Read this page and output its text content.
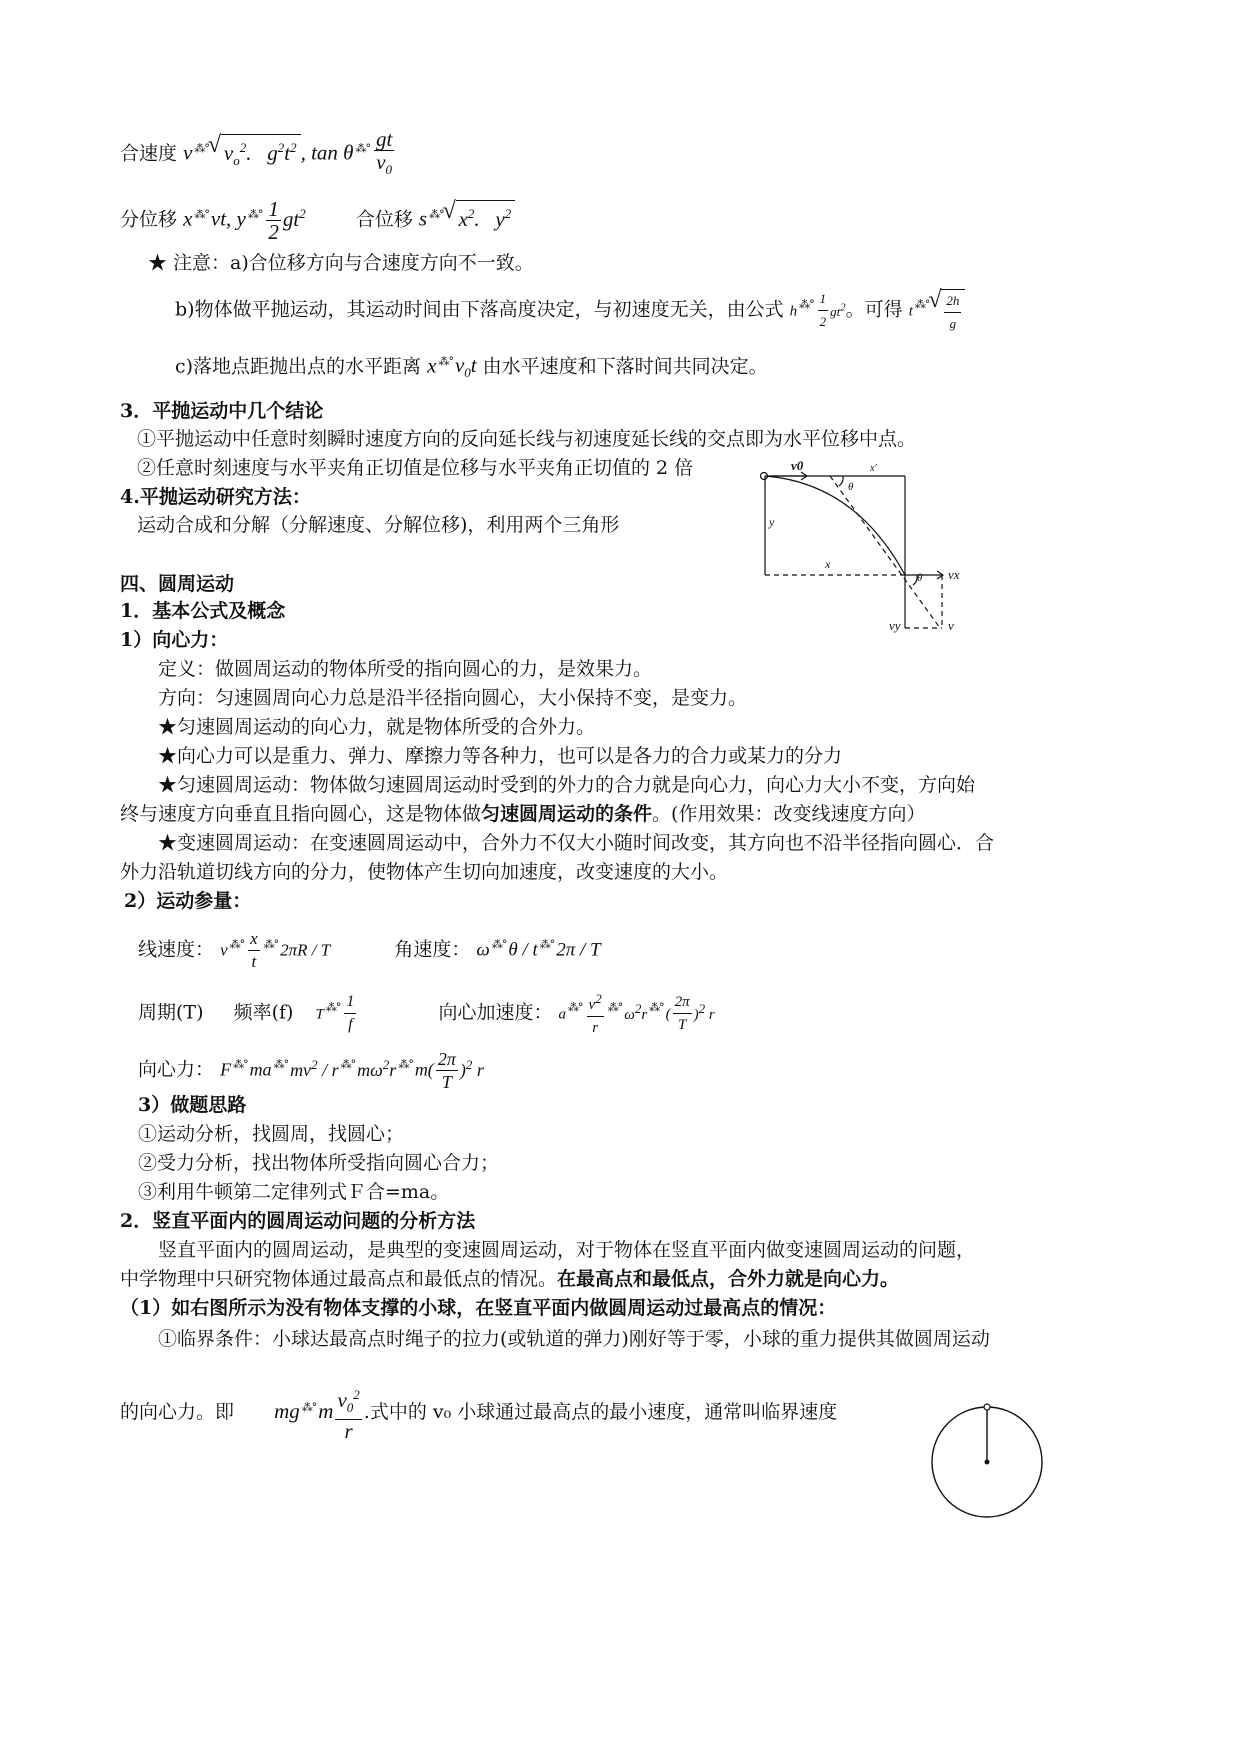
合速度 v ⁂° √ $v_o^2$.   $g^2t^2$ , tan θ $^{⁂^\circ} \frac{gt}{v_0}$
分位移 x ⁂°vt, y $^{⁂^\circ} \frac{1}{2} gt^2$	合位移 s ⁂° √ $x^2$.   $y^2$
★ 注意：a)合位移方向与合速度方向不一致。
b)物体做平抛运动，其运动时间由下落高度决定，与初速度无关，由公式 h $^{⁂^\circ} \frac{1}{2} gt^2$。可得 t ⁂° √ $\frac{2h}{g}$
c)落地点距抛出点的水平距离 x $^{⁂^\circ}v_0t$ 由水平速度和下落时间共同决定。
3．平抛运动中几个结论
①平抛运动中任意时刻瞬时速度方向的反向延长线与初速度延长线的交点即为水平位移中点。
②任意时刻速度与水平夹角正切值是位移与水平夹角正切值的 2 倍
4.平抛运动研究方法：
运动合成和分解（分解速度、分解位移)，利用两个三角形
v0	x'
θ
y
x
θ vx
vy	v
四、圆周运动
1．基本公式及概念
1）向心力：
定义：做圆周运动的物体所受的指向圆心的力，是效果力。
方向：匀速圆周向心力总是沿半径指向圆心，大小保持不变，是变力。
★匀速圆周运动的向心力，就是物体所受的合外力。
★向心力可以是重力、弹力、摩擦力等各种力，也可以是各力的合力或某力的分力
★匀速圆周运动：物体做匀速圆周运动时受到的外力的合力就是向心力，向心力大小不变，方向始
终与速度方向垂直且指向圆心，这是物体做匀速圆周运动的条件。(作用效果：改变线速度方向）
★变速圆周运动：在变速圆周运动中，合外力不仅大小随时间改变，其方向也不沿半径指向圆心．合
外力沿轨道切线方向的分力，使物体产生切向加速度，改变速度的大小。
2）运动参量：
线速度： v $^{⁂^\circ} \frac{x}{t} ^{⁂^\circ}$ 2πR / T	角速度： ω ⁂° θ / t ⁂° 2π / T
周期(T) 频率(f) T $^{⁂^\circ} \frac{1}{f}$	向心加速度： a $^{⁂^\circ} \frac{v^2}{r} ^{⁂^\circ}$ $\omega^2r$ ⁂° ( $\frac{2\pi}{T} )^2$ r
向心力： F ⁂° ma ⁂° $mv^2$ / r ⁂° $m\omega^2r$ ⁂° $m( \frac{2\pi}{T} )^2$ r
3）做题思路
①运动分析，找圆周，找圆心；
②受力分析，找出物体所受指向圆心合力；
③利用牛顿第二定律列式Ｆ合=ma。
2．竖直平面内的圆周运动问题的分析方法
竖直平面内的圆周运动，是典型的变速圆周运动，对于物体在竖直平面内做变速圆周运动的问题，
中学物理中只研究物体通过最高点和最低点的情况。在最高点和最低点，合外力就是向心力。
（1）如右图所示为没有物体支撑的小球，在竖直平面内做圆周运动过最高点的情况：
①临界条件：小球达最高点时绳子的拉力(或轨道的弹力)刚好等于零，小球的重力提供其做圆周运动
的向心力。即 mg $^{⁂^\circ}m \frac{v_0^2}{r}$ .式中的 v₀ 小球通过最高点的最小速度，通常叫临界速度
